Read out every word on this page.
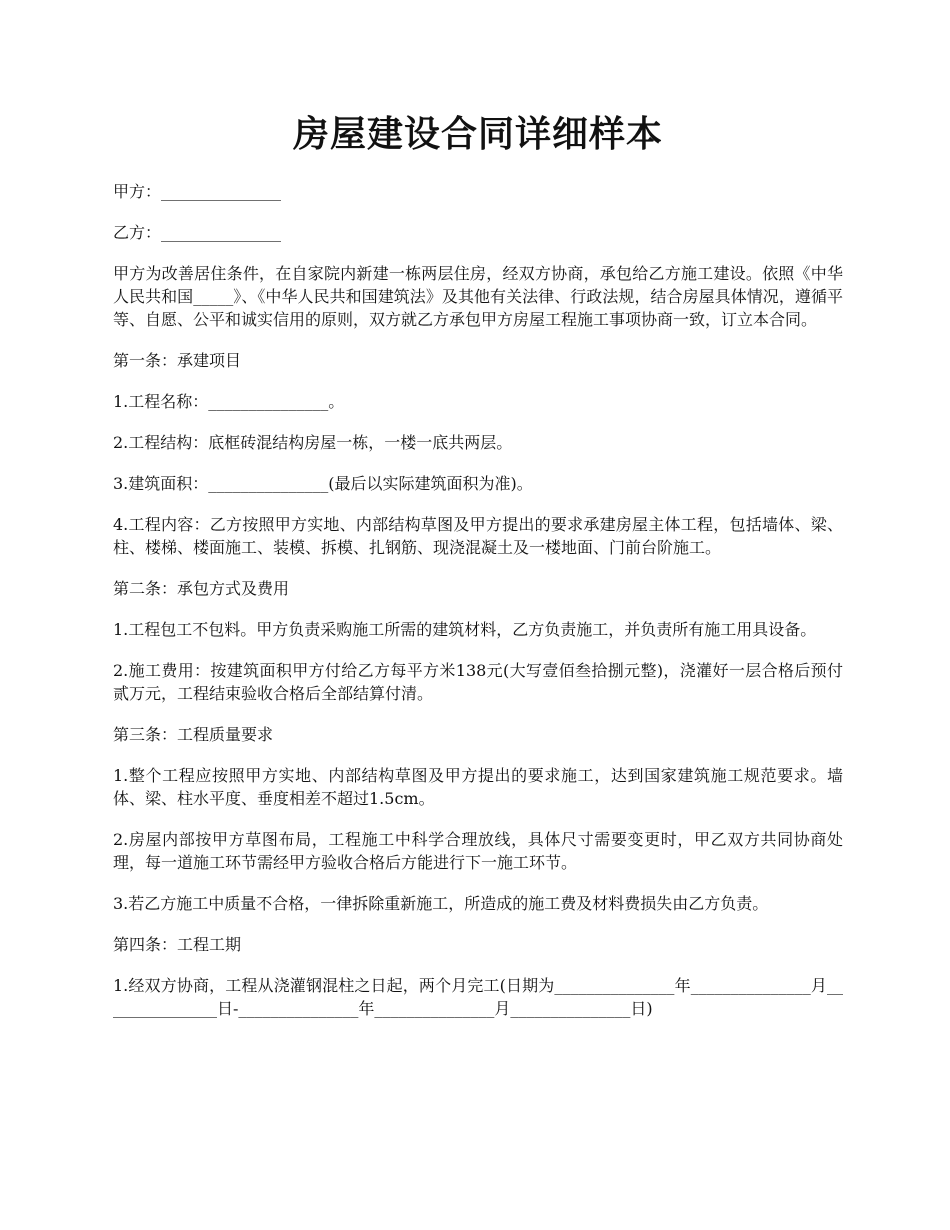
房屋建设合同详细样本

甲方：_______________

乙方：_______________

甲方为改善居住条件，在自家院内新建一栋两层住房，经双方协商，承包给乙方施工建设。依照《中华人民共和国_____》、《中华人民共和国建筑法》及其他有关法律、行政法规，结合房屋具体情况，遵循平等、自愿、公平和诚实信用的原则，双方就乙方承包甲方房屋工程施工事项协商一致，订立本合同。

第一条：承建项目

1.工程名称：_______________。

2.工程结构：底框砖混结构房屋一栋，一楼一底共两层。

3.建筑面积：_______________(最后以实际建筑面积为准)。

4.工程内容：乙方按照甲方实地、内部结构草图及甲方提出的要求承建房屋主体工程，包括墙体、梁、柱、楼梯、楼面施工、装模、拆模、扎钢筋、现浇混凝土及一楼地面、门前台阶施工。

第二条：承包方式及费用

1.工程包工不包料。甲方负责采购施工所需的建筑材料，乙方负责施工，并负责所有施工用具设备。

2.施工费用：按建筑面积甲方付给乙方每平方米138元(大写壹佰叁拾捌元整)，浇灌好一层合格后预付贰万元，工程结束验收合格后全部结算付清。

第三条：工程质量要求

1.整个工程应按照甲方实地、内部结构草图及甲方提出的要求施工，达到国家建筑施工规范要求。墙体、梁、柱水平度、垂度相差不超过1.5cm。

2.房屋内部按甲方草图布局，工程施工中科学合理放线，具体尺寸需要变更时，甲乙双方共同协商处理，每一道施工环节需经甲方验收合格后方能进行下一施工环节。

3.若乙方施工中质量不合格，一律拆除重新施工，所造成的施工费及材料费损失由乙方负责。

第四条：工程工期

1.经双方协商，工程从浇灌钢混柱之日起，两个月完工(日期为_______________年_______________月_______________日-_______________年_______________月_______________日)
